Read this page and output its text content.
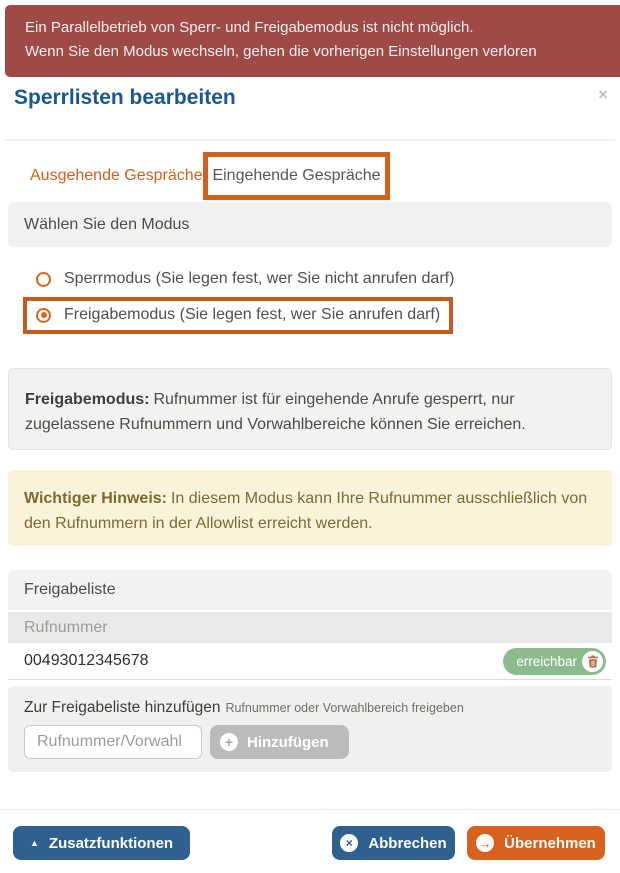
Ein Parallelbetrieb von Sperr- und Freigabemodus ist nicht möglich.
Wenn Sie den Modus wechseln, gehen die vorherigen Einstellungen verloren
Sperrlisten bearbeiten	×
Ausgehende Gespräche Eingehende Gespräche
Wählen Sie den Modus
Sperrmodus (Sie legen fest, wer Sie nicht anrufen darf)
Freigabemodus (Sie legen fest, wer Sie anrufen darf)
Freigabemodus: Rufnummer ist für eingehende Anrufe gesperrt, nur zugelassene Rufnummern und Vorwahlbereiche können Sie erreichen.
Wichtiger Hinweis: In diesem Modus kann Ihre Rufnummer ausschließlich von den Rufnummern in der Allowlist erreicht werden.
Freigabeliste
Rufnummer
00493012345678	erreichbar
Zur Freigabeliste hinzufügen Rufnummer oder Vorwahlbereich freigeben
Rufnummer/Vorwahl
+ Hinzufügen
▲ Zusatzfunktionen	×	Abbrechen → Übernehmen
